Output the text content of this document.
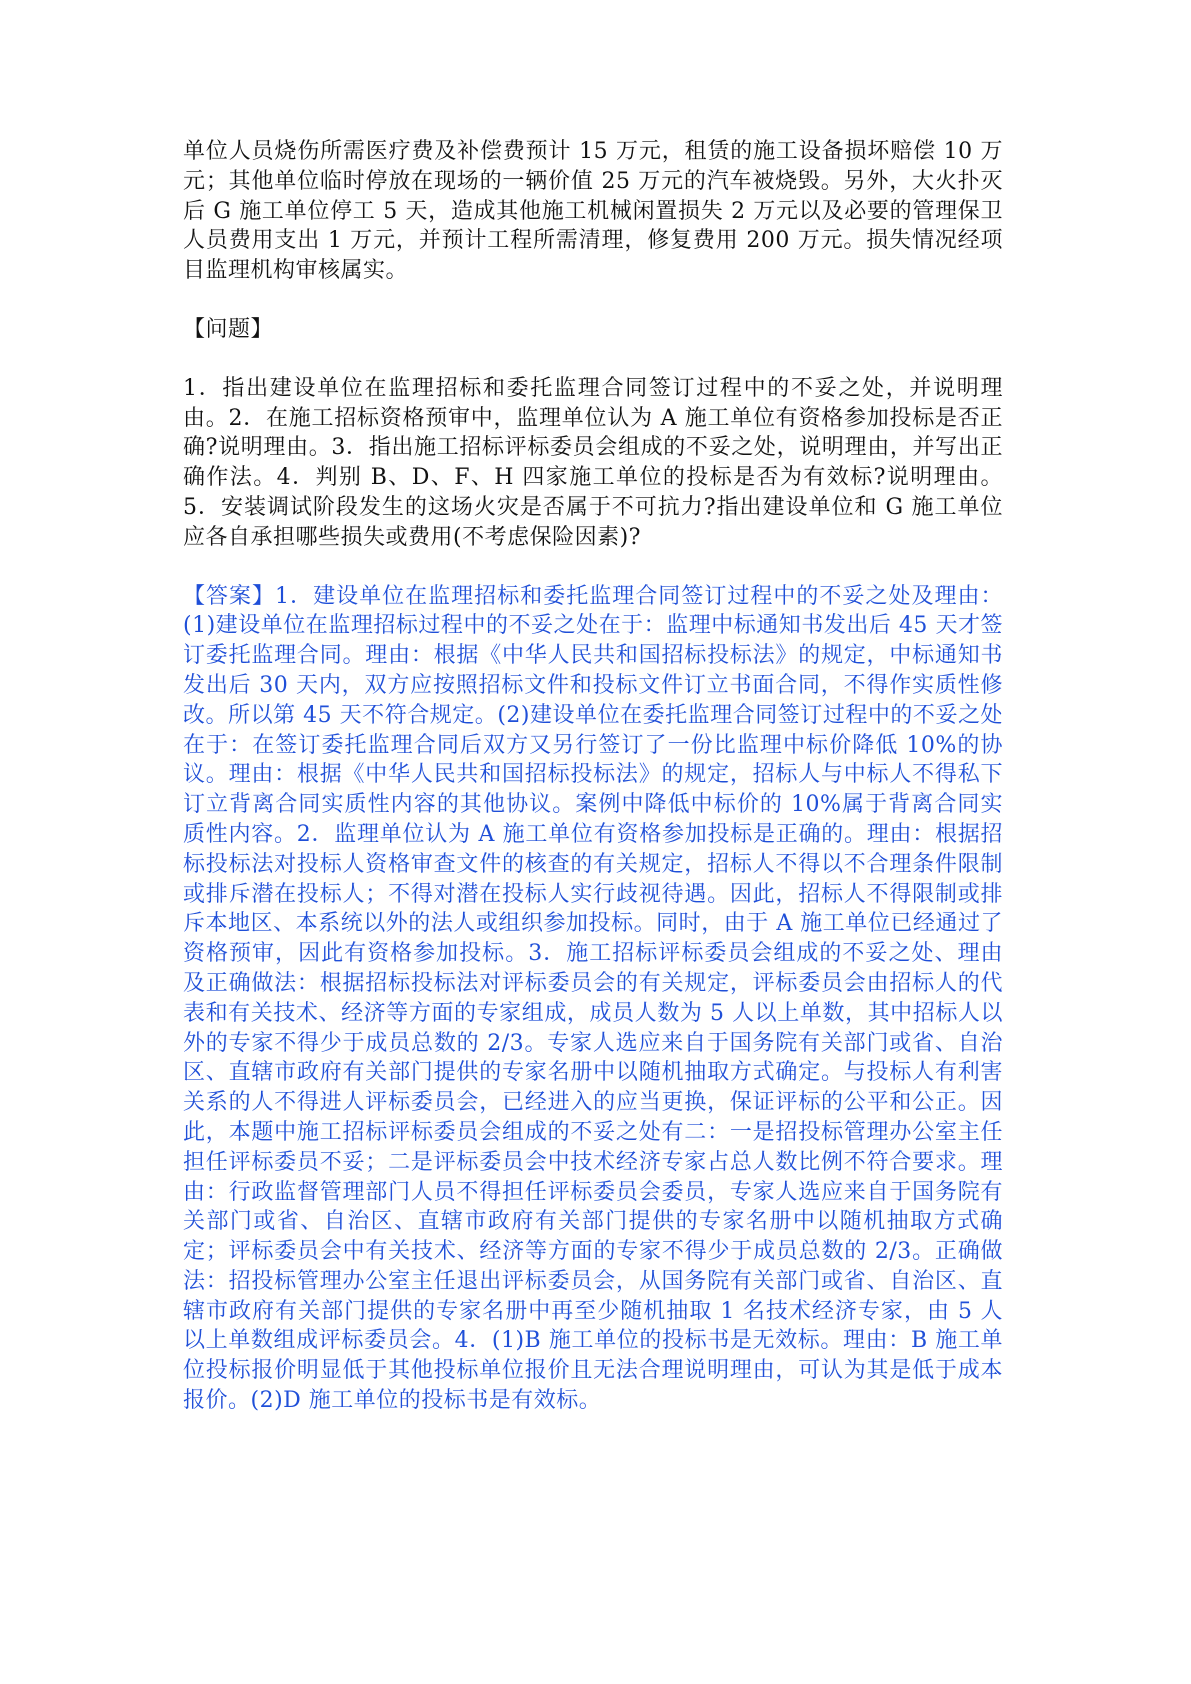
单位人员烧伤所需医疗费及补偿费预计 15 万元，租赁的施工设备损坏赔偿 10 万元；其他单位临时停放在现场的一辆价值 25 万元的汽车被烧毁。另外，大火扑灭后 G 施工单位停工 5 天，造成其他施工机械闲置损失 2 万元以及必要的管理保卫人员费用支出 1 万元，并预计工程所需清理，修复费用 200 万元。损失情况经项目监理机构审核属实。

【问题】

1．指出建设单位在监理招标和委托监理合同签订过程中的不妥之处，并说明理由。2．在施工招标资格预审中，监理单位认为 A 施工单位有资格参加投标是否正确?说明理由。3．指出施工招标评标委员会组成的不妥之处，说明理由，并写出正确作法。4．判别 B、D、F、H 四家施工单位的投标是否为有效标?说明理由。5．安装调试阶段发生的这场火灾是否属于不可抗力?指出建设单位和 G 施工单位应各自承担哪些损失或费用(不考虑保险因素)?

【答案】1．建设单位在监理招标和委托监理合同签订过程中的不妥之处及理由：(1)建设单位在监理招标过程中的不妥之处在于：监理中标通知书发出后 45 天才签订委托监理合同。理由：根据《中华人民共和国招标投标法》的规定，中标通知书发出后 30 天内，双方应按照招标文件和投标文件订立书面合同，不得作实质性修改。所以第 45 天不符合规定。(2)建设单位在委托监理合同签订过程中的不妥之处在于：在签订委托监理合同后双方又另行签订了一份比监理中标价降低 10%的协议。理由：根据《中华人民共和国招标投标法》的规定，招标人与中标人不得私下订立背离合同实质性内容的其他协议。案例中降低中标价的 10%属于背离合同实质性内容。2．监理单位认为 A 施工单位有资格参加投标是正确的。理由：根据招标投标法对投标人资格审查文件的核查的有关规定，招标人不得以不合理条件限制或排斥潜在投标人；不得对潜在投标人实行歧视待遇。因此，招标人不得限制或排斥本地区、本系统以外的法人或组织参加投标。同时，由于 A 施工单位已经通过了资格预审，因此有资格参加投标。3．施工招标评标委员会组成的不妥之处、理由及正确做法：根据招标投标法对评标委员会的有关规定，评标委员会由招标人的代表和有关技术、经济等方面的专家组成，成员人数为 5 人以上单数，其中招标人以外的专家不得少于成员总数的 2/3。专家人选应来自于国务院有关部门或省、自治区、直辖市政府有关部门提供的专家名册中以随机抽取方式确定。与投标人有利害关系的人不得进人评标委员会，已经进入的应当更换，保证评标的公平和公正。因此，本题中施工招标评标委员会组成的不妥之处有二：一是招投标管理办公室主任担任评标委员不妥；二是评标委员会中技术经济专家占总人数比例不符合要求。理由：行政监督管理部门人员不得担任评标委员会委员，专家人选应来自于国务院有关部门或省、自治区、直辖市政府有关部门提供的专家名册中以随机抽取方式确定；评标委员会中有关技术、经济等方面的专家不得少于成员总数的 2/3。正确做法：招投标管理办公室主任退出评标委员会，从国务院有关部门或省、自治区、直辖市政府有关部门提供的专家名册中再至少随机抽取 1 名技术经济专家，由 5 人以上单数组成评标委员会。4．(1)B 施工单位的投标书是无效标。理由：B 施工单位投标报价明显低于其他投标单位报价且无法合理说明理由，可认为其是低于成本报价。(2)D 施工单位的投标书是有效标。
